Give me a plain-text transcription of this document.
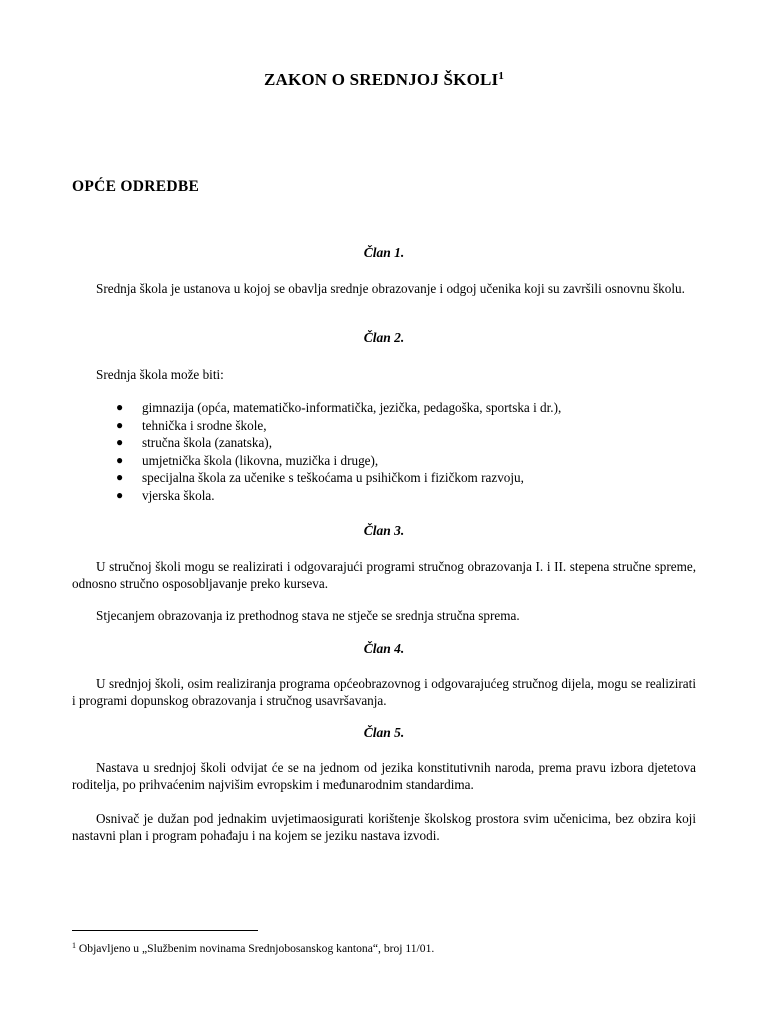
ZAKON O SREDNJOJ ŠKOLI$^1$
OPĆE ODREDBE
Član 1.
Srednja škola je ustanova u kojoj se obavlja srednje obrazovanje i odgoj učenika koji su završili osnovnu školu.
Član 2.
Srednja škola može biti:
● gimnazija (opća, matematičko-informatička, jezička, pedagoška, sportska i dr.),
● tehnička i srodne škole,
● stručna škola (zanatska),
● umjetnička škola (likovna, muzička i druge),
● specijalna škola za učenike s teškoćama u psihičkom i fizičkom razvoju,
● vjerska škola.
Član 3.
U stručnoj školi mogu se realizirati i odgovarajući programi stručnog obrazovanja I. i II. stepena stručne spreme, odnosno stručno osposobljavanje preko kurseva.
Stjecanjem obrazovanja iz prethodnog stava ne stječe se srednja stručna sprema.
Član 4.
U srednjoj školi, osim realiziranja programa općeobrazovnog i odgovarajućeg stručnog dijela, mogu se realizirati i programi dopunskog obrazovanja i stručnog usavršavanja.
Član 5.
Nastava u srednjoj školi odvijat će se na jednom od jezika konstitutivnih naroda, prema pravu izbora djetetova roditelja, po prihvaćenim najvišim evropskim i međunarodnim standardima.
Osnivač je dužan pod jednakim uvjetimaosigurati korištenje školskog prostora svim učenicima, bez obzira koji nastavni plan i program pohađaju i na kojem se jeziku nastava izvodi.
$^1$ Objavljeno u „Službenim novinama Srednjobosanskog kantona“, broj 11/01.
